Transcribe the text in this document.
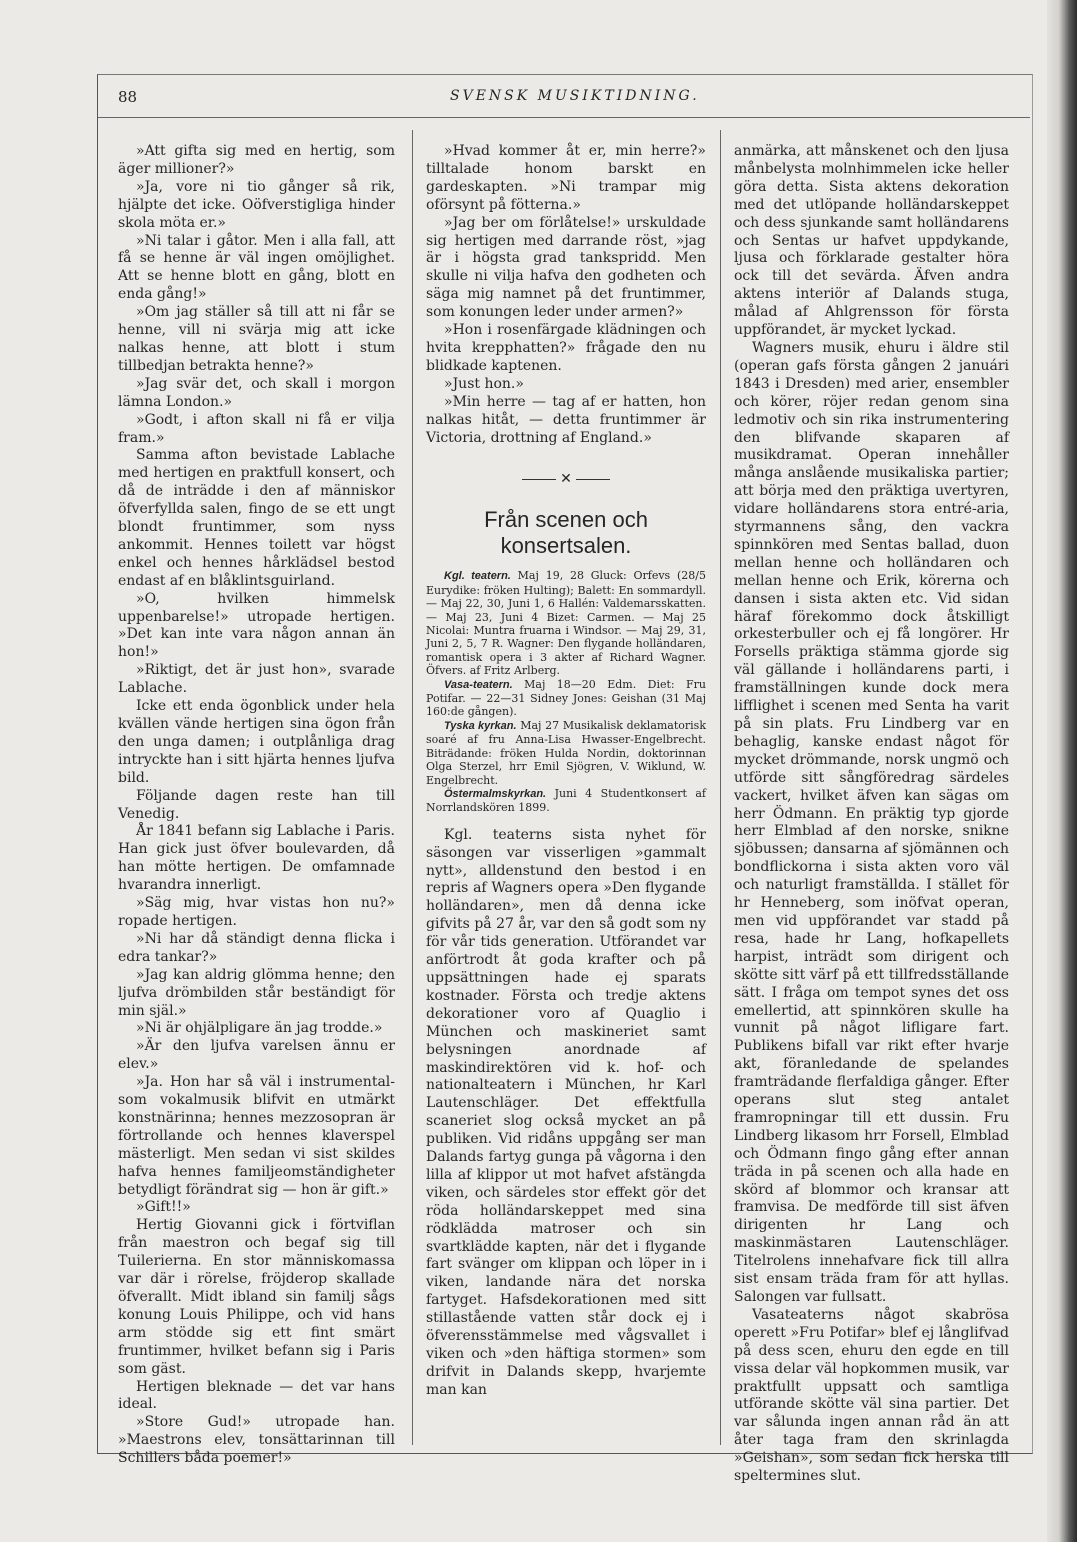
88	SVENSK MUSIKTIDNING.

»Att gifta sig med en hertig, som äger millioner?»

»Ja, vore ni tio gånger så rik, hjälpte det icke. Oöfverstigliga hinder skola möta er.»

»Ni talar i gåtor. Men i alla fall, att få se henne är väl ingen omöjlighet. Att se henne blott en gång, blott en enda gång!»

»Om jag ställer så till att ni får se henne, vill ni svärja mig att icke nalkas henne, att blott i stum tillbedjan betrakta henne?»

»Jag svär det, och skall i morgon lämna London.»

»Godt, i afton skall ni få er vilja fram.»

Samma afton bevistade Lablache med hertigen en praktfull konsert, och då de inträdde i den af människor öfverfyllda salen, fingo de se ett ungt blondt fruntimmer, som nyss ankommit. Hennes toilett var högst enkel och hennes hårklädsel bestod endast af en blåklintsguirland.

»O, hvilken himmelsk uppenbarelse!» utropade hertigen. »Det kan inte vara någon annan än hon!»

»Riktigt, det är just hon», svarade Lablache.

Icke ett enda ögonblick under hela kvällen vände hertigen sina ögon från den unga damen; i outplånliga drag intryckte han i sitt hjärta hennes ljufva bild.

Följande dagen reste han till Venedig.

År 1841 befann sig Lablache i Paris. Han gick just öfver boulevarden, då han mötte hertigen. De omfamnade hvarandra innerligt.

»Säg mig, hvar vistas hon nu?» ropade hertigen.

»Ni har då ständigt denna flicka i edra tankar?»

»Jag kan aldrig glömma henne; den ljufva drömbilden står beständigt för min själ.»

»Ni är ohjälpligare än jag trodde.»

»Är den ljufva varelsen ännu er elev.»

»Ja. Hon har så väl i instrumental- som vokalmusik blifvit en utmärkt konstnärinna; hennes mezzosopran är förtrollande och hennes klaverspel mästerligt. Men sedan vi sist skildes hafva hennes familjeomständigheter betydligt förändrat sig — hon är gift.»

»Gift!!»

Hertig Giovanni gick i förtviflan från maestron och begaf sig till Tuilerierna. En stor människomassa var där i rörelse, fröjderop skallade öfverallt. Midt ibland sin familj sågs konung Louis Philippe, och vid hans arm stödde sig ett fint smärt fruntimmer, hvilket befann sig i Paris som gäst.

Hertigen bleknade — det var hans ideal.

»Store Gud!» utropade han. »Maestrons elev, tonsättarinnan till Schillers båda poemer!»

»Hvad kommer åt er, min herre?» tilltalade honom barskt en gardeskapten. »Ni trampar mig oförsynt på fötterna.»

»Jag ber om förlåtelse!» urskuldade sig hertigen med darrande röst, »jag är i högsta grad tankspridd. Men skulle ni vilja hafva den godheten och säga mig namnet på det fruntimmer, som konungen leder under armen?»

»Hon i rosenfärgade klädningen och hvita krepphatten?» frågade den nu blidkade kaptenen.

»Just hon.»

»Min herre — tag af er hatten, hon nalkas hitåt, — detta fruntimmer är Victoria, drottning af England.»

✕
Från scenen och konsertsalen.

Kgl. teatern. Maj 19, 28 Gluck: Orfevs (28/5 Eurydike: fröken Hulting); Balett: En sommardyll. — Maj 22, 30, Juni 1, 6 Hallén: Valdemarsskatten. — Maj 23, Juni 4 Bizet: Carmen. — Maj 25 Nicolai: Muntra fruarna i Windsor. — Maj 29, 31, Juni 2, 5, 7 R. Wagner: Den flygande holländaren, romantisk opera i 3 akter af Richard Wagner. Öfvers. af Fritz Arlberg.

Vasa-teatern. Maj 18—20 Edm. Diet: Fru Potifar. — 22—31 Sidney Jones: Geishan (31 Maj 160:de gången).

Tyska kyrkan. Maj 27 Musikalisk deklamatorisk soaré af fru Anna-Lisa Hwasser-Engelbrecht. Biträdande: fröken Hulda Nordin, doktorinnan Olga Sterzel, hrr Emil Sjögren, V. Wiklund, W. Engelbrecht.

Östermalmskyrkan. Juni 4 Studentkonsert af Norrlandskören 1899.

Kgl. teaterns sista nyhet för säsongen var visserligen »gammalt nytt», alldenstund den bestod i en repris af Wagners opera »Den flygande holländaren», men då denna icke gifvits på 27 år, var den så godt som ny för vår tids generation. Utförandet var anförtrodt åt goda krafter och på uppsättningen hade ej sparats kostnader. Första och tredje aktens dekorationer voro af Quaglio i München och maskineriet samt belysningen anordnade af maskindirektören vid k. hof- och nationalteatern i München, hr Karl Lautenschläger. Det effektfulla scaneriet slog också mycket an på publiken. Vid ridåns uppgång ser man Dalands fartyg gunga på vågorna i den lilla af klippor ut mot hafvet afstängda viken, och särdeles stor effekt gör det röda holländarskeppet med sina rödklädda matroser och sin svartklädde kapten, när det i flygande fart svänger om klippan och löper in i viken, landande nära det norska fartyget. Hafsdekorationen med sitt stillastående vatten står dock ej i öfverensstämmelse med vågsvallet i viken och »den häftiga stormen» som drifvit in Dalands skepp, hvarjemte man kan

anmärka, att månskenet och den ljusa månbelysta molnhimmelen icke heller göra detta. Sista aktens dekoration med det utlöpande holländarskeppet och dess sjunkande samt holländarens och Sentas ur hafvet uppdykande, ljusa och förklarade gestalter höra ock till det sevärda. Äfven andra aktens interiör af Dalands stuga, målad af Ahlgrensson för första uppförandet, är mycket lyckad.

Wagners musik, ehuru i äldre stil (operan gafs första gången 2 januári 1843 i Dresden) med arier, ensembler och körer, röjer redan genom sina ledmotiv och sin rika instrumentering den blifvande skaparen af musikdramat. Operan innehåller många anslående musikaliska partier; att börja med den präktiga uvertyren, vidare holländarens stora entré-aria, styrmannens sång, den vackra spinnkören med Sentas ballad, duon mellan henne och holländaren och mellan henne och Erik, körerna och dansen i sista akten etc. Vid sidan häraf förekommo dock åtskilligt orkesterbuller och ej få longörer. Hr Forsells präktiga stämma gjorde sig väl gällande i holländarens parti, i framställningen kunde dock mera lifflighet i scenen med Senta ha varit på sin plats. Fru Lindberg var en behaglig, kanske endast något för mycket drömmande, norsk ungmö och utförde sitt sångföredrag särdeles vackert, hvilket äfven kan sägas om herr Ödmann. En präktig typ gjorde herr Elmblad af den norske, snikne sjöbussen; dansarna af sjömännen och bondflickorna i sista akten voro väl och naturligt framställda. I stället för hr Henneberg, som inöfvat operan, men vid uppförandet var stadd på resa, hade hr Lang, hofkapellets harpist, inträdt som dirigent och skötte sitt värf på ett tillfredsställande sätt. I fråga om tempot synes det oss emellertid, att spinnkören skulle ha vunnit på något lifligare fart. Publikens bifall var rikt efter hvarje akt, föranledande de spelandes framträdande flerfaldiga gånger. Efter operans slut steg antalet framropningar till ett dussin. Fru Lindberg likasom hrr Forsell, Elmblad och Ödmann fingo gång efter annan träda in på scenen och alla hade en skörd af blommor och kransar att framvisa. De medförde till sist äfven dirigenten hr Lang och maskinmästaren Lautenschläger. Titelrolens innehafvare fick till allra sist ensam träda fram för att hyllas. Salongen var fullsatt.

Vasateaterns något skabrösa operett »Fru Potifar» blef ej långlifvad på dess scen, ehuru den egde en till vissa delar väl hopkommen musik, var praktfullt uppsatt och samtliga utförande skötte väl sina partier. Det var sålunda ingen annan råd än att åter taga fram den skrinlagda »Geishan», som sedan fick herska till speltermines slut.
